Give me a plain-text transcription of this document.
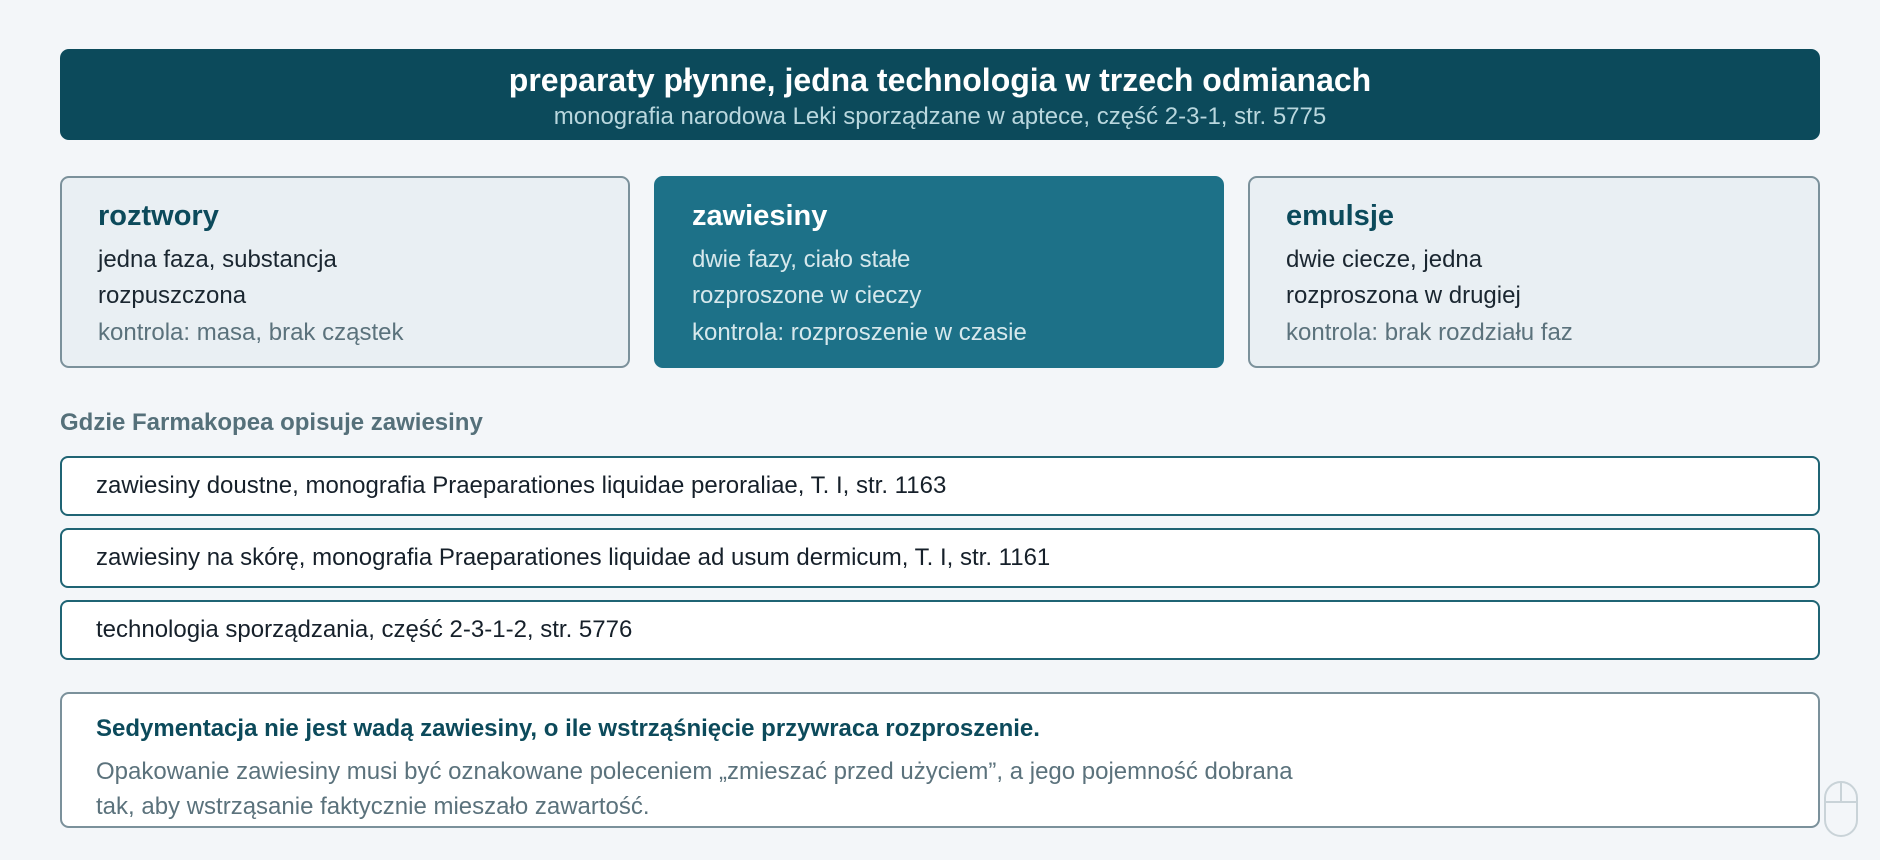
preparaty płynne, jedna technologia w trzech odmianach
monografia narodowa Leki sporządzane w aptece, część 2-3-1, str. 5775
roztwory
jedna faza, substancja rozpuszczona
kontrola: masa, brak cząstek
zawiesiny
dwie fazy, ciało stałe rozproszone w cieczy
kontrola: rozproszenie w czasie
emulsje
dwie ciecze, jedna rozproszona w drugiej
kontrola: brak rozdziału faz
Gdzie Farmakopea opisuje zawiesiny
zawiesiny doustne, monografia Praeparationes liquidae peroraliae, T. I, str. 1163
zawiesiny na skórę, monografia Praeparationes liquidae ad usum dermicum, T. I, str. 1161
technologia sporządzania, część 2-3-1-2, str. 5776
Sedymentacja nie jest wadą zawiesiny, o ile wstrząśnięcie przywraca rozproszenie.
Opakowanie zawiesiny musi być oznakowane poleceniem „zmieszać przed użyciem”, a jego pojemność dobrana tak, aby wstrząsanie faktycznie mieszało zawartość.
